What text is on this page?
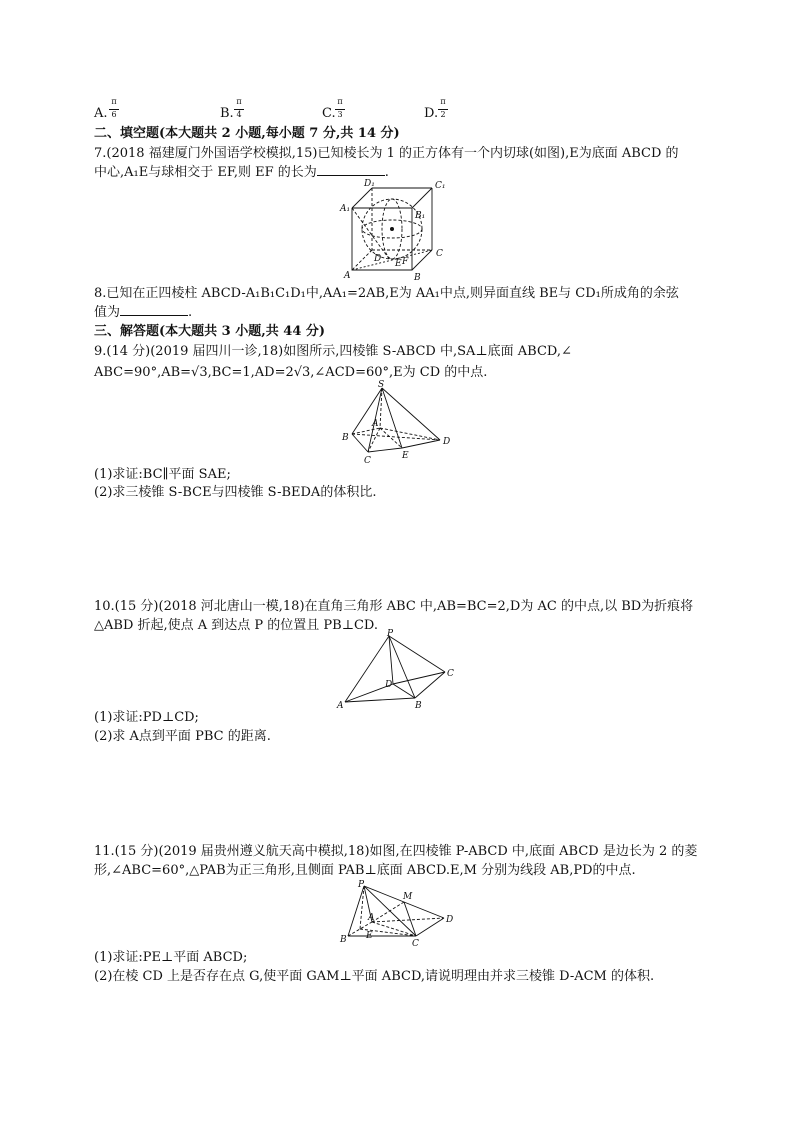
A.
π
6	B.
π
4	C.
π
3	D.
π
2
二、填空题(本大题共 2 小题,每小题 7 分,共 14 分)
7.(2018 福建厦门外国语学校模拟,15)已知棱长为 1 的正方体有一个内切球(如图),E为底面 ABCD 的
中心,A₁E与球相交于 EF,则 EF 的长为	.
D₁	C₁
A₁
B₁
D	C
A	B
E F
8.已知在正四棱柱 ABCD-A₁B₁C₁D₁中,AA₁=2AB,E为 AA₁中点,则异面直线 BE与 CD₁所成角的余弦
值为	.
三、解答题(本大题共 3 小题,共 44 分)
9.(14 分)(2019 届四川一诊,18)如图所示,四棱锥 S-ABCD 中,SA⊥底面 ABCD,∠
ABC=90°,AB=√3,BC=1,AD=2√3,∠ACD=60°,E为 CD 的中点.
S
A
B
C
D
E
(1)求证:BC∥平面 SAE;
(2)求三棱锥 S-BCE与四棱锥 S-BEDA的体积比.
10.(15 分)(2018 河北唐山一模,18)在直角三角形 ABC 中,AB=BC=2,D为 AC 的中点,以 BD为折痕将
△ABD 折起,使点 A 到达点 P 的位置且 PB⊥CD.
P
C
D
A	B
(1)求证:PD⊥CD;
(2)求 A点到平面 PBC 的距离.
11.(15 分)(2019 届贵州遵义航天高中模拟,18)如图,在四棱锥 P-ABCD 中,底面 ABCD 是边长为 2 的菱
形,∠ABC=60°,△PAB为正三角形,且侧面 PAB⊥底面 ABCD.E,M 分别为线段 AB,PD的中点.
P
M
A	D
B E
C
(1)求证:PE⊥平面 ABCD;
(2)在棱 CD 上是否存在点 G,使平面 GAM⊥平面 ABCD,请说明理由并求三棱锥 D-ACM 的体积.
